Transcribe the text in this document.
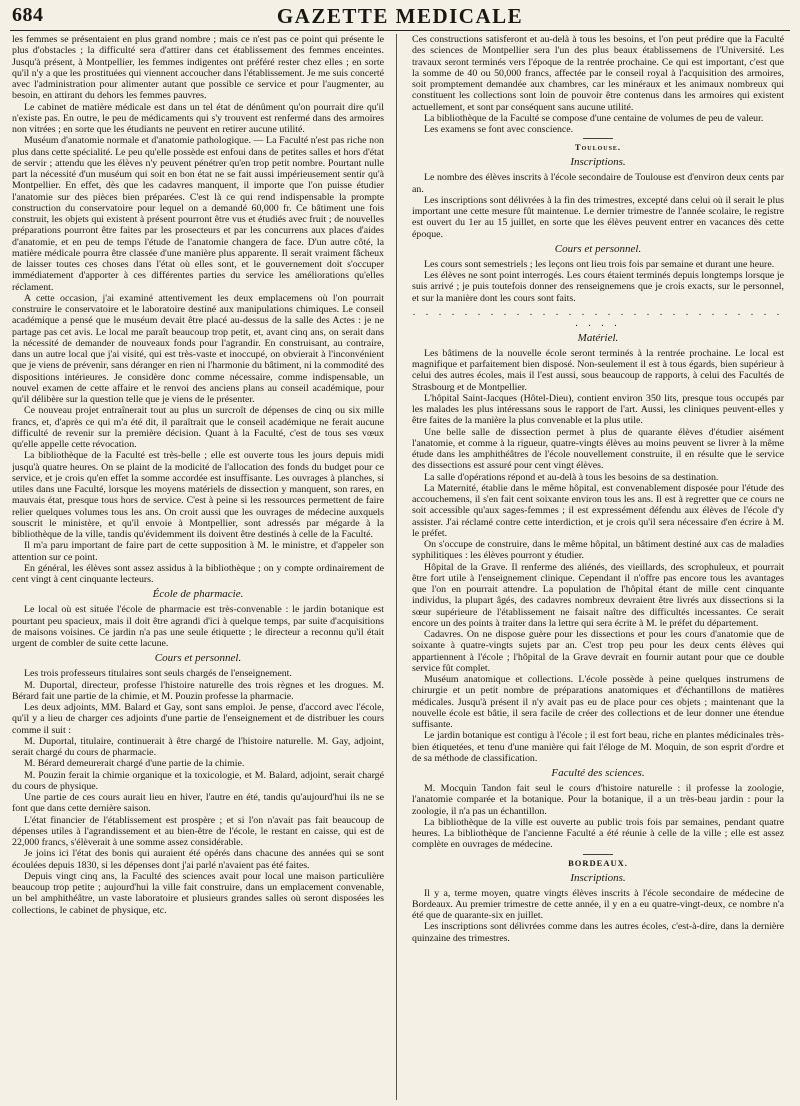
684	GAZETTE MEDICALE

les femmes se présentaient en plus grand nombre ; mais ce n'est pas ce point qui présente le plus d'obstacles ; la difficulté sera d'attirer dans cet établissement des femmes enceintes. Jusqu'à présent, à Montpellier, les femmes indigentes ont préféré rester chez elles ; en sorte qu'il n'y a que les prostituées qui viennent accoucher dans l'établissement. Je me suis concerté avec l'administration pour alimenter autant que possible ce service et pour l'augmenter, au besoin, en attirant du dehors les femmes pauvres.

Le cabinet de matière médicale est dans un tel état de dénûment qu'on pourrait dire qu'il n'existe pas. En outre, le peu de médicaments qui s'y trouvent est renfermé dans des armoires non vitrées ; en sorte que les étudiants ne peuvent en retirer aucune utilité.

Muséum d'anatomie normale et d'anatomie pathologique. — La Faculté n'est pas riche non plus dans cette spécialité. Le peu qu'elle possède est enfoui dans de petites salles et hors d'état de servir ; attendu que les élèves n'y peuvent pénétrer qu'en trop petit nombre. Pourtant nulle part la nécessité d'un muséum qui soit en bon état ne se fait aussi impérieusement sentir qu'à Montpellier. En effet, dès que les cadavres manquent, il importe que l'on puisse étudier l'anatomie sur des pièces bien préparées. C'est là ce qui rend indispensable la prompte construction du conservatoire pour lequel on a demandé 60,000 fr. Ce bâtiment une fois construit, les objets qui existent à présent pourront être vus et étudiés avec fruit ; de nouvelles préparations pourront être faites par les prosecteurs et par les concurrens aux places d'aides d'anatomie, et en peu de temps l'étude de l'anatomie changera de face. D'un autre côté, la matière médicale pourra être classée d'une manière plus apparente. Il serait vraiment fâcheux de laisser toutes ces choses dans l'état où elles sont, et le gouvernement doit s'occuper immédiatement d'apporter à ces différentes parties du service les améliorations qu'elles réclament.

A cette occasion, j'ai examiné attentivement les deux emplacemens où l'on pourrait construire le conservatoire et le laboratoire destiné aux manipulations chimiques. Le conseil académique a pensé que le muséum devait être placé au-dessus de la salle des Actes : je ne partage pas cet avis. Le local me paraît beaucoup trop petit, et, avant cinq ans, on serait dans la nécessité de demander de nouveaux fonds pour l'agrandir. En construisant, au contraire, dans un autre local que j'ai visité, qui est très-vaste et inoccupé, on obvierait à l'inconvénient que je viens de prévenir, sans déranger en rien ni l'harmonie du bâtiment, ni la commodité des dispositions intérieures. Je considère donc comme nécessaire, comme indispensable, un nouvel examen de cette affaire et le renvoi des anciens plans au conseil académique, pour qu'il délibère sur la question telle que je viens de le présenter.

Ce nouveau projet entraînerait tout au plus un surcroît de dépenses de cinq ou six mille francs, et, d'après ce qui m'a été dit, il paraîtrait que le conseil académique ne ferait aucune difficulté de revenir sur la première décision. Quant à la Faculté, c'est de tous ses vœux qu'elle appelle cette révocation.

La bibliothèque de la Faculté est très-belle ; elle est ouverte tous les jours depuis midi jusqu'à quatre heures. On se plaint de la modicité de l'allocation des fonds du budget pour ce service, et je crois qu'en effet la somme accordée est insuffisante. Les ouvrages à planches, si utiles dans une Faculté, lorsque les moyens matériels de dissection y manquent, son rares, en mauvais état, presque tous hors de service. C'est à peine si les ressources permettent de faire relier quelques volumes tous les ans. On croit aussi que les ouvrages de médecine auxquels souscrit le ministère, et qu'il envoie à Montpellier, sont adressés par mégarde à la bibliothèque de la ville, tandis qu'évidemment ils doivent être destinés à celle de la Faculté.

Il m'a paru important de faire part de cette supposition à M. le ministre, et d'appeler son attention sur ce point.

En général, les élèves sont assez assidus à la bibliothèque ; on y compte ordinairement de cent vingt à cent cinquante lecteurs.

École de pharmacie.

Le local où est située l'école de pharmacie est très-convenable : le jardin botanique est pourtant peu spacieux, mais il doit être agrandi d'ici à quelque temps, par suite d'acquisitions de maisons voisines. Ce jardin n'a pas une seule étiquette ; le directeur a reconnu qu'il était urgent de combler de suite cette lacune.

Cours et personnel.

Les trois professeurs titulaires sont seuls chargés de l'enseignement.

M. Duportal, directeur, professe l'histoire naturelle des trois règnes et les drogues. M. Bérard fait une partie de la chimie, et M. Pouzin professe la pharmacie.

Les deux adjoints, MM. Balard et Gay, sont sans emploi. Je pense, d'accord avec l'école, qu'il y a lieu de charger ces adjoints d'une partie de l'enseignement et de distribuer les cours comme il suit :

M. Duportal, titulaire, continuerait à être chargé de l'histoire naturelle. M. Gay, adjoint, serait chargé du cours de pharmacie.

M. Bérard demeurerait chargé d'une partie de la chimie.

M. Pouzin ferait la chimie organique et la toxicologie, et M. Balard, adjoint, serait chargé du cours de physique.

Une partie de ces cours aurait lieu en hiver, l'autre en été, tandis qu'aujourd'hui ils ne se font que dans cette dernière saison.

L'état financier de l'établissement est prospère ; et si l'on n'avait pas fait beaucoup de dépenses utiles à l'agrandissement et au bien-être de l'école, le restant en caisse, qui est de 22,000 francs, s'élèverait à une somme assez considérable.

Je joins ici l'état des bonis qui auraient été opérés dans chacune des années qui se sont écoulées depuis 1830, si les dépenses dont j'ai parlé n'avaient pas été faites.

Depuis vingt cinq ans, la Faculté des sciences avait pour local une maison particulière beaucoup trop petite ; aujourd'hui la ville fait construire, dans un emplacement convenable, un bel amphithéâtre, un vaste laboratoire et plusieurs grandes salles où seront disposées les collections, le cabinet de physique, etc.

Ces constructions satisferont et au-delà à tous les besoins, et l'on peut prédire que la Faculté des sciences de Montpellier sera l'un des plus beaux établissemens de l'Université. Les travaux seront terminés vers l'époque de la rentrée prochaine. Ce qui est important, c'est que la somme de 40 ou 50,000 francs, affectée par le conseil royal à l'acquisition des armoires, soit promptement demandée aux chambres, car les minéraux et les animaux nombreux qui constituent les collections sont loin de pouvoir être contenus dans les armoires qui existent actuellement, et sont par conséquent sans aucune utilité.

La bibliothèque de la Faculté se compose d'une centaine de volumes de peu de valeur.

Les examens se font avec conscience.

Toulouse.
Inscriptions.

Le nombre des élèves inscrits à l'école secondaire de Toulouse est d'environ deux cents par an.

Les inscriptions sont délivrées à la fin des trimestres, excepté dans celui où il serait le plus important une cette mesure fût maintenue. Le dernier trimestre de l'année scolaire, le registre est ouvert du 1er au 15 juillet, en sorte que les élèves peuvent entrer en vacances dès cette époque.

Cours et personnel.

Les cours sont semestriels ; les leçons ont lieu trois fois par semaine et durant une heure.

Les élèves ne sont point interrogés. Les cours étaient terminés depuis longtemps lorsque je suis arrivé ; je puis toutefois donner des renseignemens que je crois exacts, sur le personnel, et sur la manière dont les cours sont faits.

. . . . . . . . . . . . . . . . . . . . . . . . . . . . . . . . .
Matériel.

Les bâtimens de la nouvelle école seront terminés à la rentrée prochaine. Le local est magnifique et parfaitement bien disposé. Non-seulement il est à tous égards, bien supérieur à celui des autres écoles, mais il l'est aussi, sous beaucoup de rapports, à celui des Facultés de Strasbourg et de Montpellier.

L'hôpital Saint-Jacques (Hôtel-Dieu), contient environ 350 lits, presque tous occupés par les malades les plus intéressans sous le rapport de l'art. Aussi, les cliniques peuvent-elles y être faites de la manière la plus convenable et la plus utile.

Une belle salle de dissection permet à plus de quarante élèves d'étudier aisément l'anatomie, et comme à la rigueur, quatre-vingts élèves au moins peuvent se livrer à la même étude dans les amphithéâtres de l'école nouvellement construite, il en résulte que le service des dissections est assuré pour cent vingt élèves.

La salle d'opérations répond et au-delà à tous les besoins de sa destination.

La Maternité, établie dans le même hôpital, est convenablement disposée pour l'étude des accouchemens, il s'en fait cent soixante environ tous les ans. Il est à regretter que ce cours ne soit accessible qu'aux sages-femmes ; il est expressément défendu aux élèves de l'école d'y assister. J'ai réclamé contre cette interdiction, et je crois qu'il sera nécessaire d'en écrire à M. le préfet.

On s'occupe de construire, dans le même hôpital, un bâtiment destiné aux cas de maladies syphilitiques : les élèves pourront y étudier.

Hôpital de la Grave. Il renferme des aliénés, des vieillards, des scrophuleux, et pourrait être fort utile à l'enseignement clinique. Cependant il n'offre pas encore tous les avantages que l'on en pourrait attendre. La population de l'hôpital étant de mille cent cinquante individus, la plupart âgés, des cadavres nombreux devraient être livrés aux dissections si la sœur supérieure de l'établissement ne faisait naître des difficultés incessantes. Ce serait encore un des points à traiter dans la lettre qui sera écrite à M. le préfet du département.

Cadavres. On ne dispose guère pour les dissections et pour les cours d'anatomie que de soixante à quatre-vingts sujets par an. C'est trop peu pour les deux cents élèves qui appartiennent à l'école ; l'hôpital de la Grave devrait en fournir autant pour que ce double service fût complet.

Muséum anatomique et collections. L'école possède à peine quelques instrumens de chirurgie et un petit nombre de préparations anatomiques et d'échantillons de matières médicales. Jusqu'à présent il n'y avait pas eu de place pour ces objets ; maintenant que la nouvelle école est bâtie, il sera facile de créer des collections et de leur donner une étendue suffisante.

Le jardin botanique est contigu à l'école ; il est fort beau, riche en plantes médicinales très-bien étiquetées, et tenu d'une manière qui fait l'éloge de M. Moquin, de son esprit d'ordre et de sa méthode de classification.

Faculté des sciences.

M. Mocquin Tandon fait seul le cours d'histoire naturelle : il professe la zoologie, l'anatomie comparée et la botanique. Pour la botanique, il a un très-beau jardin : pour la zoologie, il n'a pas un échantillon.

La bibliothèque de la ville est ouverte au public trois fois par semaines, pendant quatre heures. La bibliothèque de l'ancienne Faculté a été réunie à celle de la ville ; elle est assez complète en ouvrages de médecine.

BORDEAUX.
Inscriptions.

Il y a, terme moyen, quatre vingts élèves inscrits à l'école secondaire de médecine de Bordeaux. Au premier trimestre de cette année, il y en a eu quatre-vingt-deux, ce nombre n'a été que de quarante-six en juillet.

Les inscriptions sont délivrées comme dans les autres écoles, c'est-à-dire, dans la dernière quinzaine des trimestres.
